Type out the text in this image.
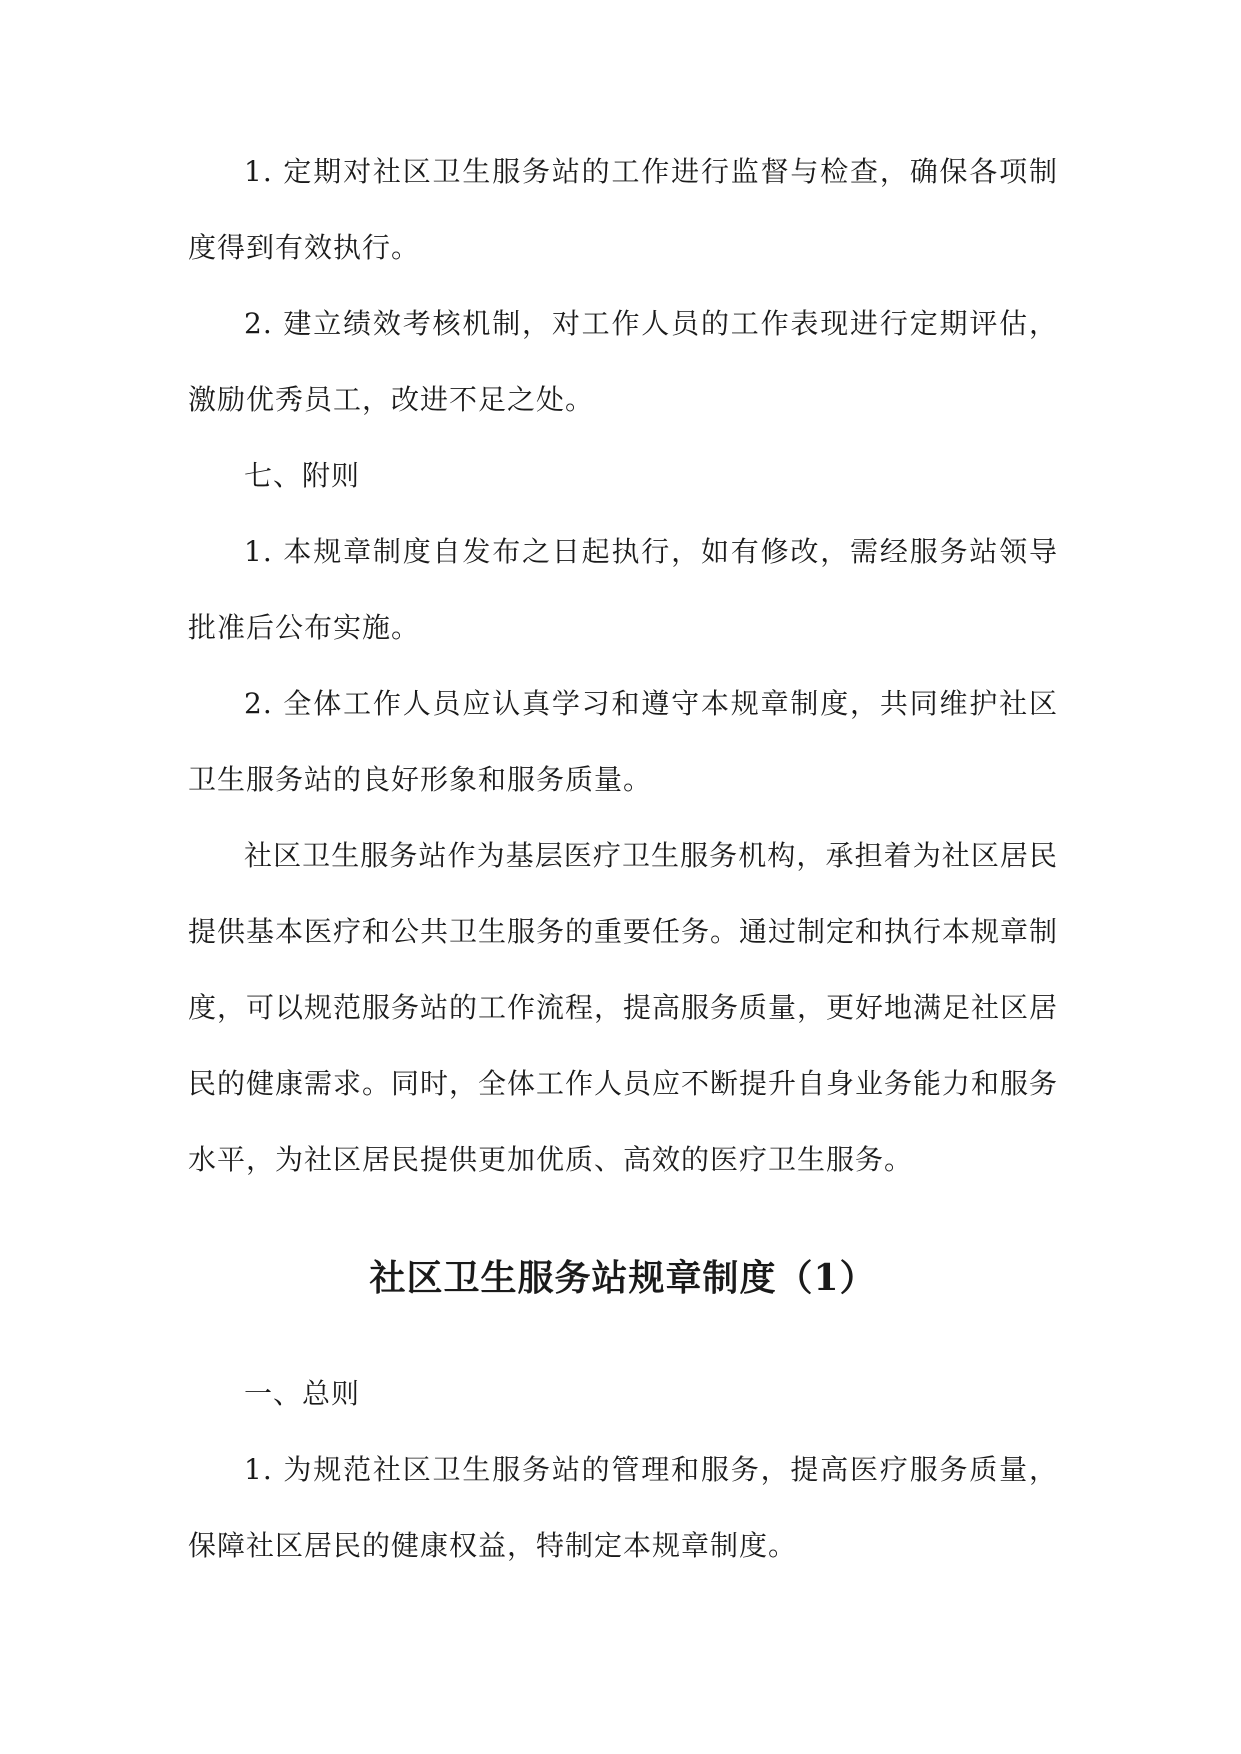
1. 定期对社区卫生服务站的工作进行监督与检查，确保各项制度得到有效执行。

2. 建立绩效考核机制，对工作人员的工作表现进行定期评估，激励优秀员工，改进不足之处。

七、附则

1. 本规章制度自发布之日起执行，如有修改，需经服务站领导批准后公布实施。

2. 全体工作人员应认真学习和遵守本规章制度，共同维护社区卫生服务站的良好形象和服务质量。

社区卫生服务站作为基层医疗卫生服务机构，承担着为社区居民提供基本医疗和公共卫生服务的重要任务。通过制定和执行本规章制度，可以规范服务站的工作流程，提高服务质量，更好地满足社区居民的健康需求。同时，全体工作人员应不断提升自身业务能力和服务水平，为社区居民提供更加优质、高效的医疗卫生服务。

社区卫生服务站规章制度（1）

一、总则

1. 为规范社区卫生服务站的管理和服务，提高医疗服务质量，保障社区居民的健康权益，特制定本规章制度。
